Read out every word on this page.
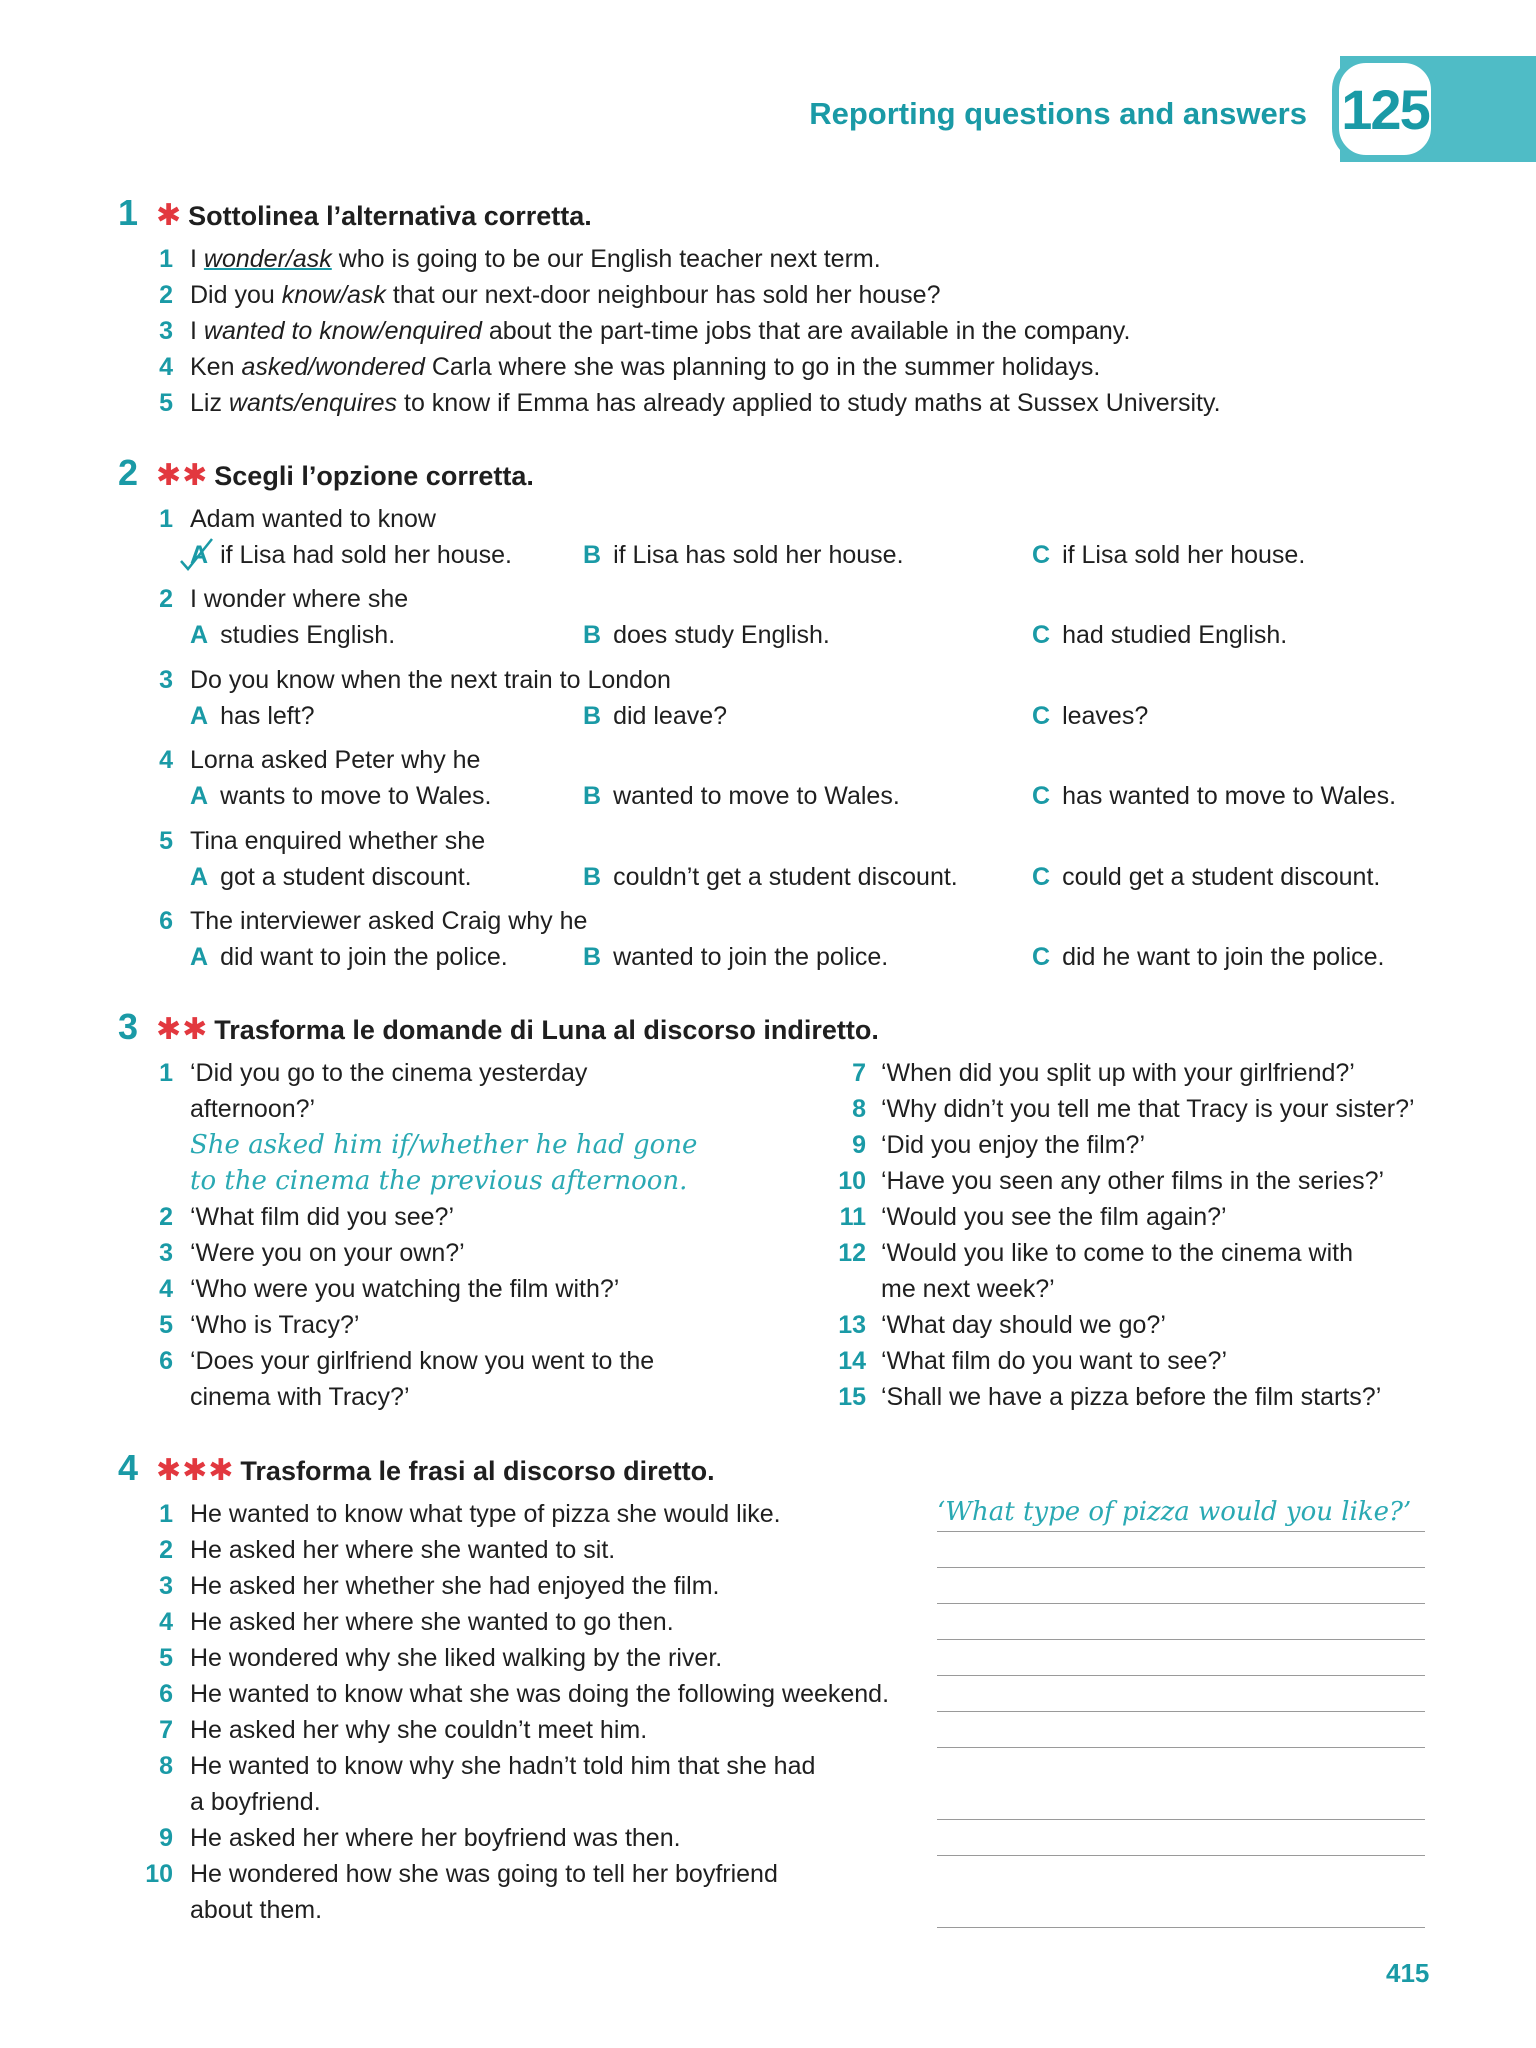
125
Reporting questions and answers
1 ✱ Sottolinea l’alternativa corretta.
1 I wonder/ask who is going to be our English teacher next term.
2 Did you know/ask that our next-door neighbour has sold her house?
3 I wanted to know/enquired about the part-time jobs that are available in the company.
4 Ken asked/wondered Carla where she was planning to go in the summer holidays.
5 Liz wants/enquires to know if Emma has already applied to study maths at Sussex University.
2 ✱✱ Scegli l’opzione corretta.
1 Adam wanted to know
A if Lisa had sold her house.	B if Lisa has sold her house.	C if Lisa sold her house.
2 I wonder where she
A studies English.	B does study English.	C had studied English.
3 Do you know when the next train to London
A has left?	B did leave?	C leaves?
4 Lorna asked Peter why he
A wants to move to Wales.	B wanted to move to Wales.	C has wanted to move to Wales.
5 Tina enquired whether she
A got a student discount.	B couldn’t get a student discount.	C could get a student discount.
6 The interviewer asked Craig why he
A did want to join the police.	B wanted to join the police.	C did he want to join the police.
3 ✱✱ Trasforma le domande di Luna al discorso indiretto.
1 ‘Did you go to the cinema yesterday
afternoon?’
She asked him if/whether he had gone
to the cinema the previous afternoon.
2 ‘What film did you see?’
3 ‘Were you on your own?’
4 ‘Who were you watching the film with?’
5 ‘Who is Tracy?’
6 ‘Does your girlfriend know you went to the
cinema with Tracy?’
7 ‘When did you split up with your girlfriend?’
8 ‘Why didn’t you tell me that Tracy is your sister?’
9 ‘Did you enjoy the film?’
10 ‘Have you seen any other films in the series?’
11 ‘Would you see the film again?’
12 ‘Would you like to come to the cinema with
me next week?’
13 ‘What day should we go?’
14 ‘What film do you want to see?’
15 ‘Shall we have a pizza before the film starts?’
4 ✱✱✱ Trasforma le frasi al discorso diretto.
‘What type of pizza would you like?’
1 He wanted to know what type of pizza she would like.
2 He asked her where she wanted to sit.
3 He asked her whether she had enjoyed the film.
4 He asked her where she wanted to go then.
5 He wondered why she liked walking by the river.
6 He wanted to know what she was doing the following weekend.
7 He asked her why she couldn’t meet him.
8 He wanted to know why she hadn’t told him that she had
a boyfriend.
9 He asked her where her boyfriend was then.
10 He wondered how she was going to tell her boyfriend
about them.
415
